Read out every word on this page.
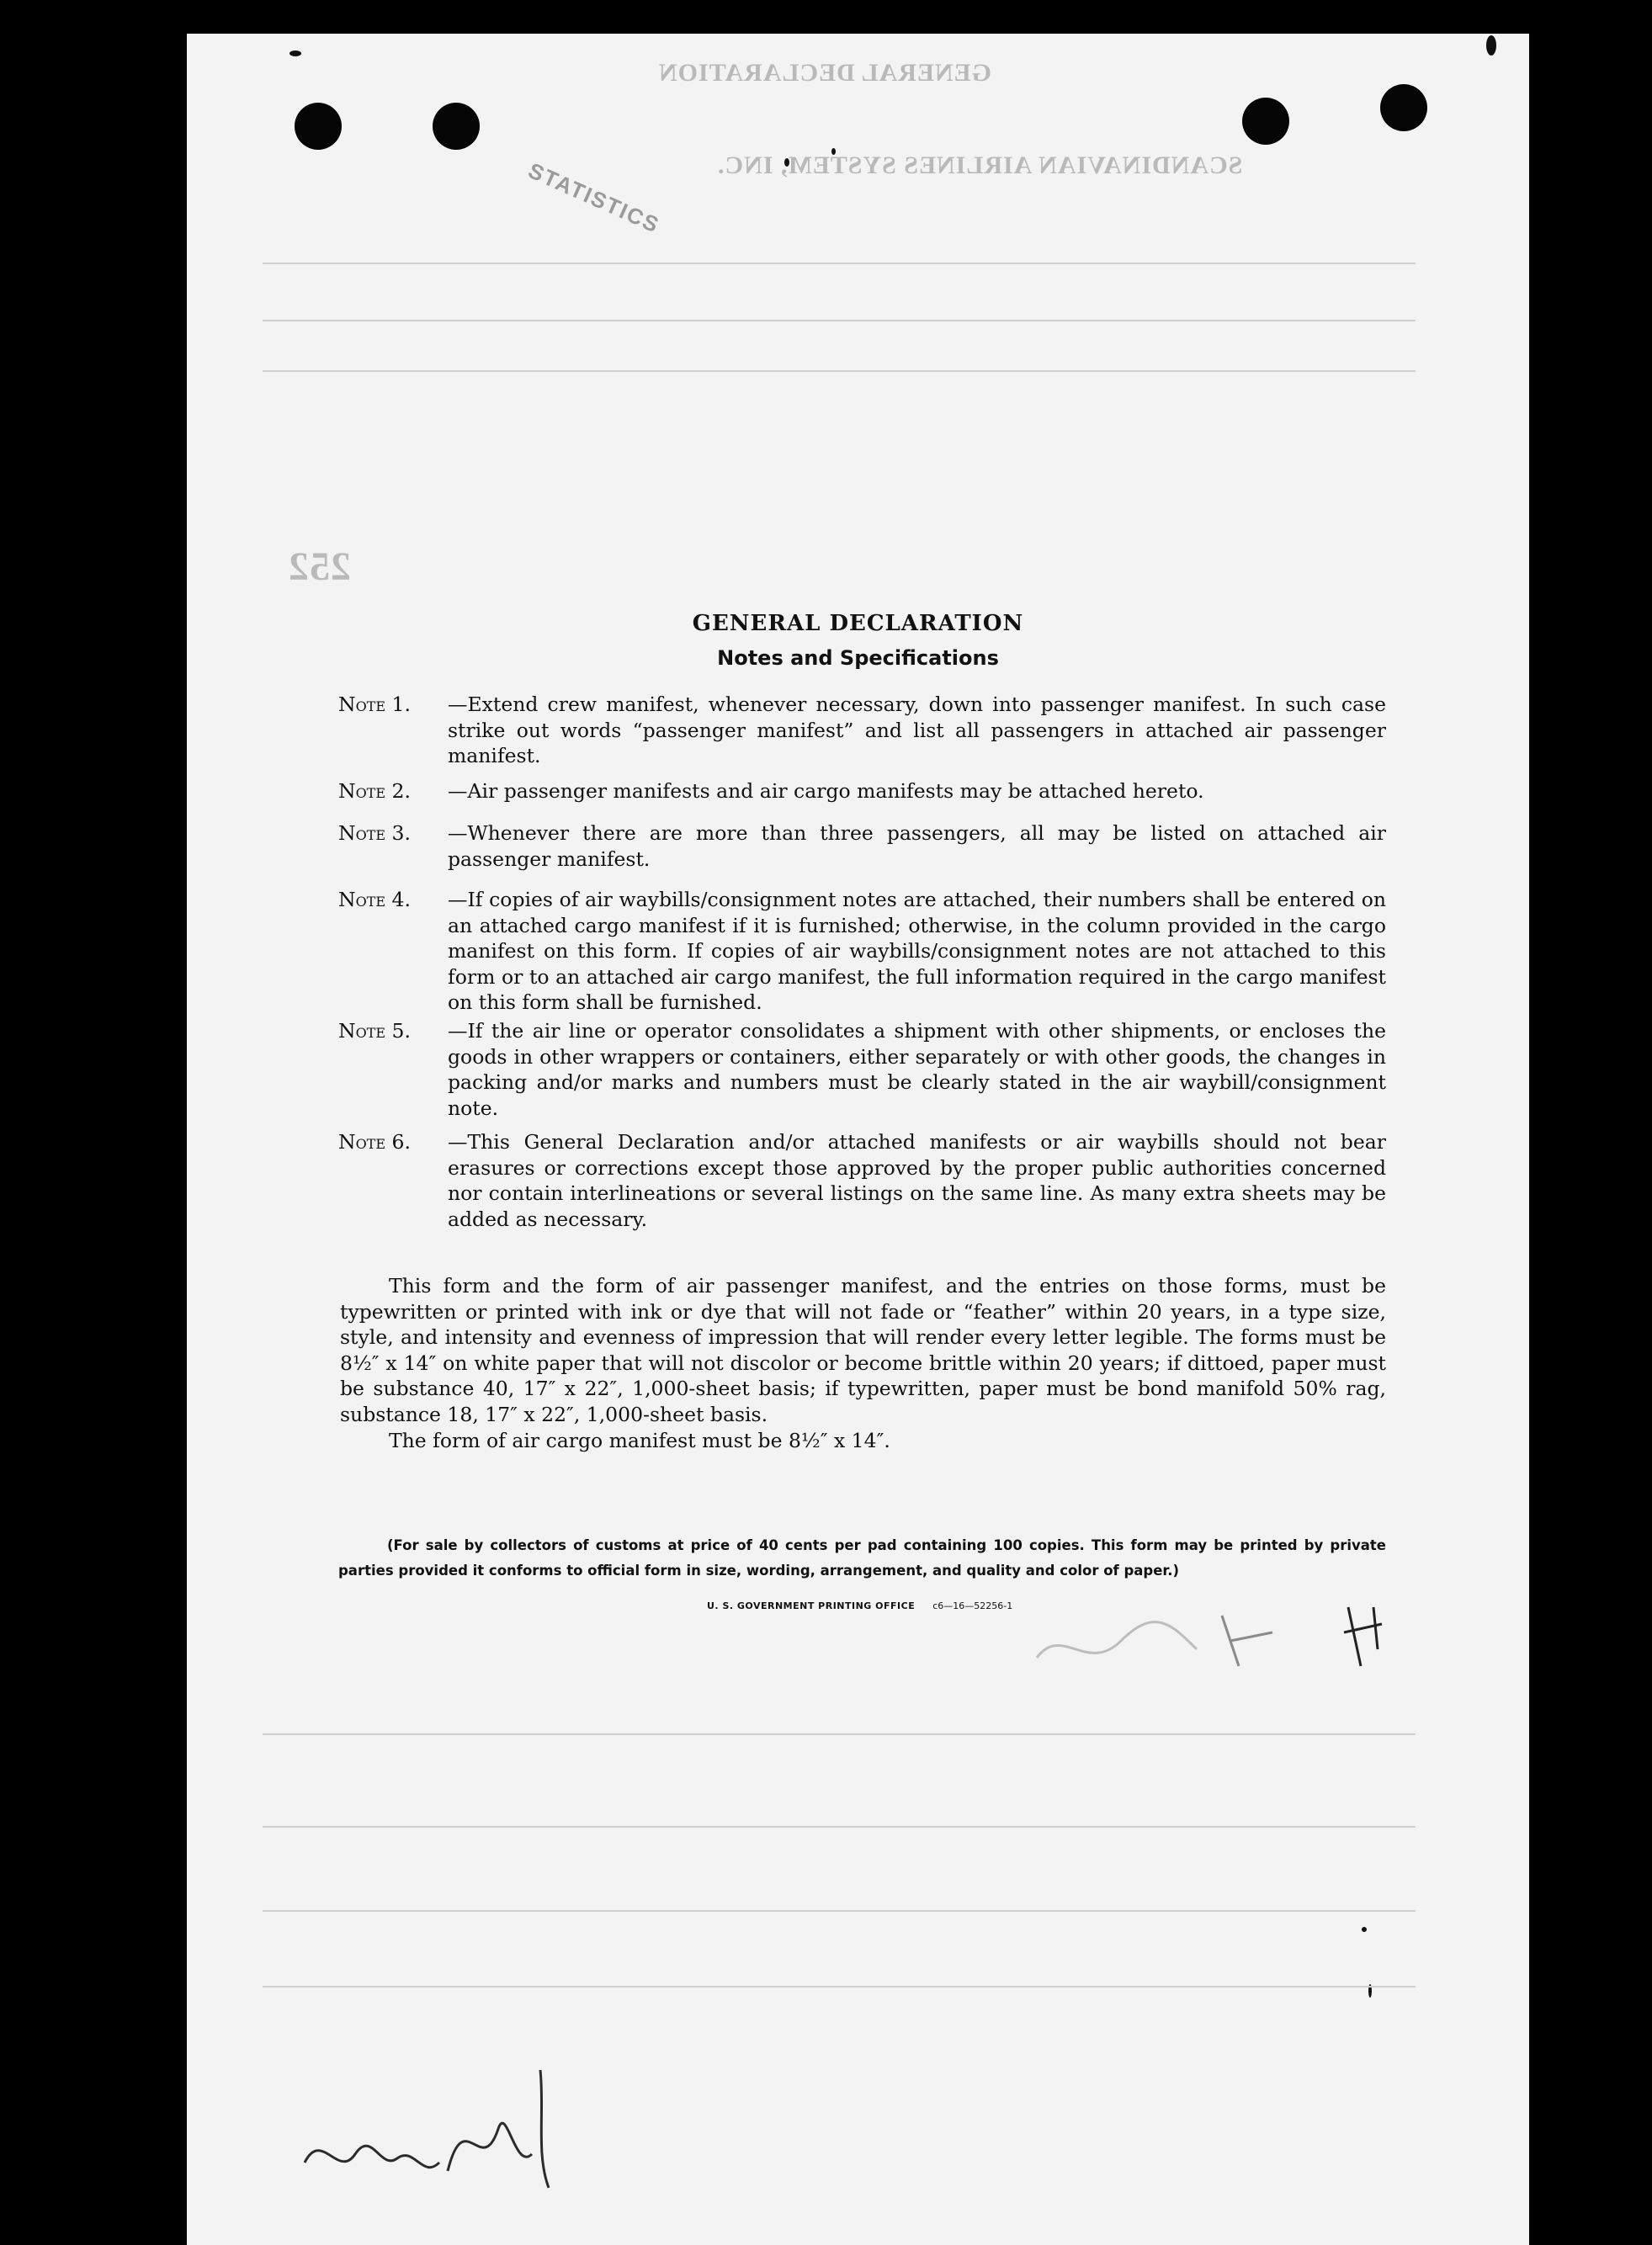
GENERAL DECLARATION
SCANDINAVIAN AIRLINES SYSTEM, INC.
STATISTICS
252
GENERAL DECLARATION
Notes and Specifications
Note 1.	—Extend crew manifest, whenever necessary, down into passenger manifest. In such case strike out words “passenger manifest” and list all passengers in attached air passenger manifest.
Note 2.	—Air passenger manifests and air cargo manifests may be attached hereto.
Note 3.	—Whenever there are more than three passengers, all may be listed on attached air passenger manifest.
Note 4.	—If copies of air waybills/consignment notes are attached, their numbers shall be entered on an attached cargo manifest if it is furnished; otherwise, in the column provided in the cargo manifest on this form. If copies of air waybills/consignment notes are not attached to this form or to an attached air cargo manifest, the full information required in the cargo manifest on this form shall be furnished.
Note 5.	—If the air line or operator consolidates a shipment with other shipments, or encloses the goods in other wrappers or containers, either separately or with other goods, the changes in packing and/or marks and numbers must be clearly stated in the air waybill/consignment note.
Note 6.	—This General Declaration and/or attached manifests or air waybills should not bear erasures or corrections except those approved by the proper public authorities concerned nor contain interlineations or several listings on the same line. As many extra sheets may be added as necessary.
This form and the form of air passenger manifest, and the entries on those forms, must be typewritten or printed with ink or dye that will not fade or “feather” within 20 years, in a type size, style, and intensity and evenness of impression that will render every letter legible. The forms must be 8½″ x 14″ on white paper that will not discolor or become brittle within 20 years; if dittoed, paper must be substance 40, 17″ x 22″, 1,000-sheet basis; if typewritten, paper must be bond manifold 50% rag, substance 18, 17″ x 22″, 1,000-sheet basis.
The form of air cargo manifest must be 8½″ x 14″.
(For sale by collectors of customs at price of 40 cents per pad containing 100 copies. This form may be printed by private parties provided it conforms to official form in size, wording, arrangement, and quality and color of paper.)
U. S. GOVERNMENT PRINTING OFFICE c6—16—52256-1
